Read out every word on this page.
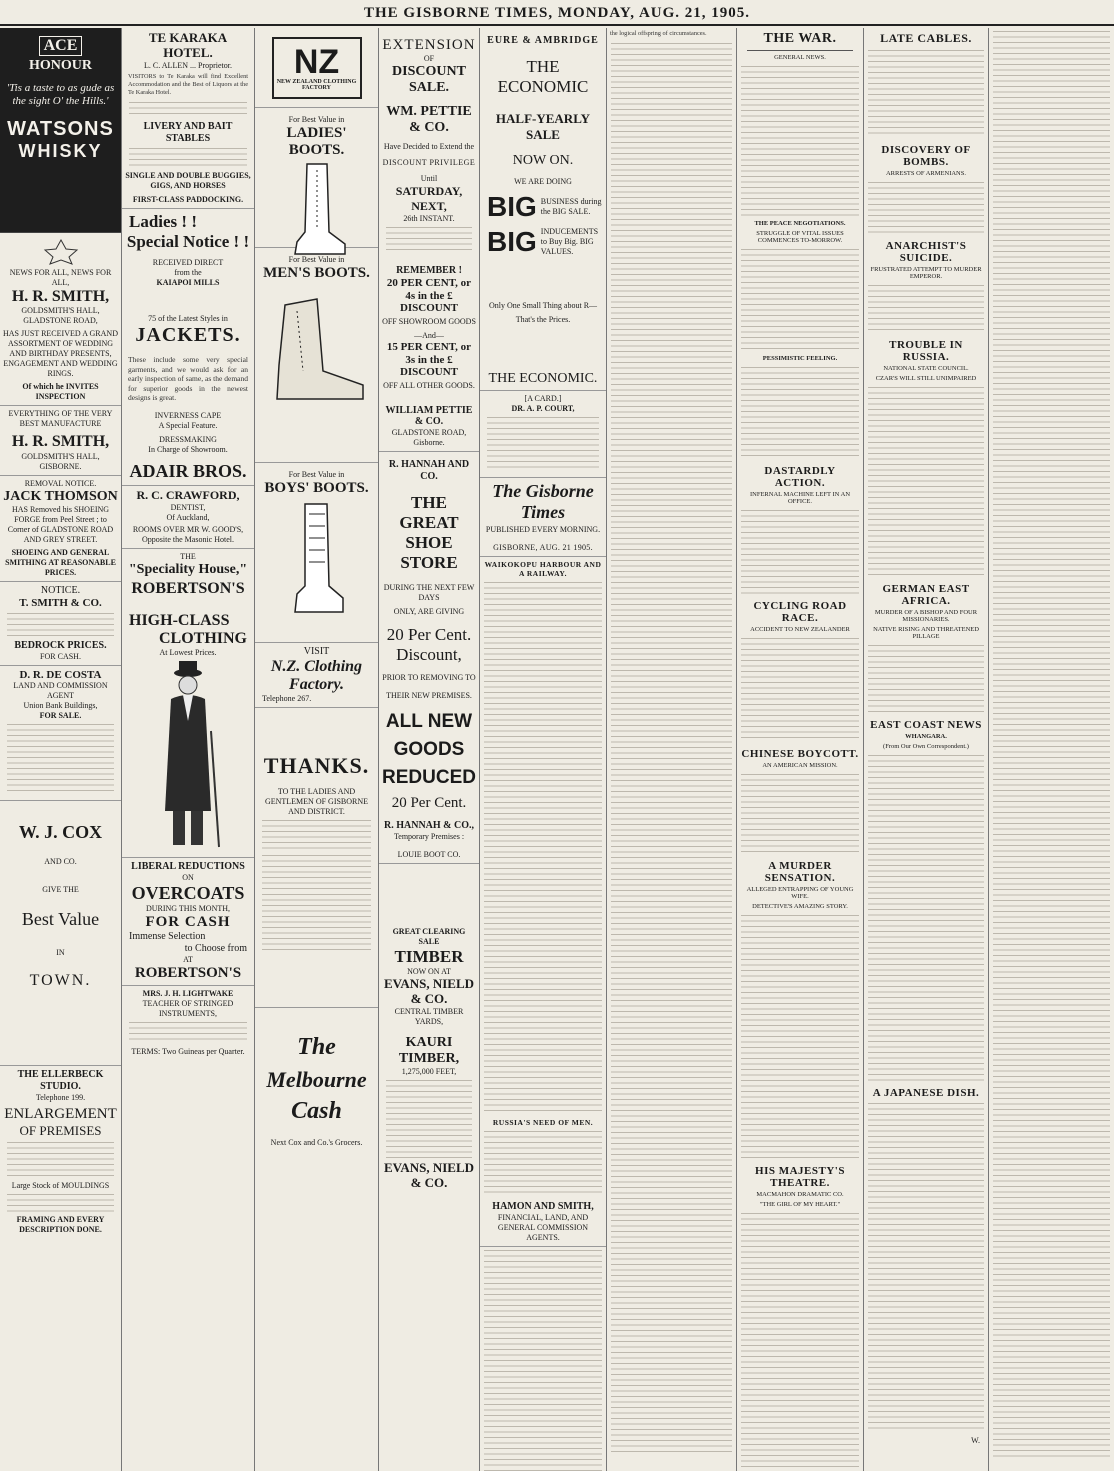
THE GISBORNE TIMES, MONDAY, AUG. 21, 1905.
ACE
HONOUR
'Tis a taste to as gude as the sight O' the Hills.'
WATSONS
WHISKY
NEWS FOR ALL, NEWS FOR ALL,
H. R. SMITH,
GOLDSMITH'S HALL, GLADSTONE ROAD,
HAS JUST RECEIVED A GRAND ASSORTMENT OF WEDDING AND BIRTHDAY PRESENTS, ENGAGEMENT AND WEDDING RINGS.
Of which he INVITES INSPECTION
EVERYTHING OF THE VERY BEST MANUFACTURE
H. R. SMITH,
GOLDSMITH'S HALL, GISBORNE.
REMOVAL NOTICE.
JACK THOMSON
HAS Removed his SHOEING FORGE from Peel Street ; to Corner of GLADSTONE ROAD AND GREY STREET.
SHOEING AND GENERAL SMITHING AT REASONABLE PRICES.
NOTICE.
T. SMITH & CO.
BEDROCK PRICES.
FOR CASH.
D. R. DE COSTA
LAND AND COMMISSION AGENT
Union Bank Buildings,
FOR SALE.
W. J. COX
AND CO.
GIVE THE
Best Value
IN
TOWN.
THE ELLERBECK STUDIO.
Telephone 199.
ENLARGEMENT
OF PREMISES
Large Stock of MOULDINGS
FRAMING AND EVERY DESCRIPTION DONE.
TE KARAKA HOTEL.
L. C. ALLEN ... Proprietor.
VISITORS to Te Karaka will find Excellent Accommodation and the Best of Liquors at the Te Karaka Hotel.
LIVERY AND BAIT STABLES
SINGLE AND DOUBLE BUGGIES, GIGS, AND HORSES
FIRST-CLASS PADDOCKING.
Ladies ! !
Special Notice ! !
RECEIVED DIRECT
from the
KAIAPOI MILLS
75 of the Latest Styles in
JACKETS.
These include some very special garments, and we would ask for an early inspection of same, as the demand for superior goods in the newest designs is great.
INVERNESS CAPE
A Special Feature.
DRESSMAKING
In Charge of Showroom.
ADAIR BROS.
R. C. CRAWFORD,
DENTIST,
Of Auckland,
ROOMS OVER MR W. GOOD'S, Opposite the Masonic Hotel.
THE
"Speciality House,"
ROBERTSON'S
HIGH-CLASS
CLOTHING
At Lowest Prices.
LIBERAL REDUCTIONS
ON
OVERCOATS
DURING THIS MONTH,
FOR CASH
Immense Selection
to Choose from
AT
ROBERTSON'S
MRS. J. H. LIGHTWAKE
TEACHER OF STRINGED INSTRUMENTS,
TERMS: Two Guineas per Quarter.
NZ
NEW ZEALAND CLOTHING FACTORY
For Best Value in
LADIES' BOOTS.
For Best Value in
MEN'S BOOTS.
For Best Value in
BOYS' BOOTS.
VISIT
N.Z. Clothing Factory.
Telephone 267.
THANKS.
TO THE LADIES AND GENTLEMEN OF GISBORNE AND DISTRICT.
The
Melbourne
Cash
Next Cox and Co.'s Grocers.
EXTENSION
OF
DISCOUNT SALE.
WM. PETTIE & CO.
Have Decided to Extend the
DISCOUNT PRIVILEGE
Until
SATURDAY, NEXT,
26th INSTANT.
REMEMBER !
20 PER CENT, or 4s in the £ DISCOUNT
OFF SHOWROOM GOODS
—And—
15 PER CENT, or 3s in the £ DISCOUNT
OFF ALL OTHER GOODS.
WILLIAM PETTIE & CO.
GLADSTONE ROAD,
Gisborne.
R. HANNAH AND CO.
THE GREAT
SHOE STORE
DURING THE NEXT FEW DAYS
ONLY, ARE GIVING
20 Per Cent.
Discount,
PRIOR TO REMOVING TO
THEIR NEW PREMISES.
ALL NEW
GOODS
REDUCED
20 Per Cent.
R. HANNAH & CO.,
Temporary Premises :
LOUIE BOOT CO.
GREAT CLEARING SALE
TIMBER
NOW ON AT
EVANS, NIELD & CO.
CENTRAL TIMBER YARDS,
KAURI TIMBER,
1,275,000 FEET,
EVANS, NIELD & CO.
EURE & AMBRIDGE
THE ECONOMIC
HALF-YEARLY SALE
NOW ON.
WE ARE DOING
BIG BUSINESS during the BIG SALE.
BIG INDUCEMENTS to Buy Big. BIG VALUES.
Only One Small Thing about R—
That's the Prices.
THE ECONOMIC.
[A CARD.]
DR. A. P. COURT,
The Gisborne Times
PUBLISHED EVERY MORNING.
GISBORNE, AUG. 21 1905.
WAIKOKOPU HARBOUR AND A RAILWAY.
RUSSIA'S NEED OF MEN.
HAMON AND SMITH,
FINANCIAL, LAND, AND GENERAL COMMISSION AGENTS.
the logical offspring of circumstances.	THE WAR.
GENERAL NEWS.
THE PEACE NEGOTIATIONS.
STRUGGLE OF VITAL ISSUES COMMENCES TO-MORROW.
PESSIMISTIC FEELING.
DASTARDLY ACTION.
INFERNAL MACHINE LEFT IN AN OFFICE.
CYCLING ROAD RACE.
ACCIDENT TO NEW ZEALANDER
CHINESE BOYCOTT.
AN AMERICAN MISSION.
A MURDER SENSATION.
ALLEGED ENTRAPPING OF YOUNG WIFE.
DETECTIVE'S AMAZING STORY.
HIS MAJESTY'S THEATRE.
MACMAHON DRAMATIC CO.
"THE GIRL OF MY HEART."
LATE CABLES.
DISCOVERY OF BOMBS.
ARRESTS OF ARMENIANS.
ANARCHIST'S SUICIDE.
FRUSTRATED ATTEMPT TO MURDER EMPEROR.
TROUBLE IN RUSSIA.
NATIONAL STATE COUNCIL.
CZAR'S WILL STILL UNIMPAIRED
GERMAN EAST AFRICA.
MURDER OF A BISHOP AND FOUR MISSIONARIES.
NATIVE RISING AND THREATENED PILLAGE
EAST COAST NEWS
WHANGARA.
(From Our Own Correspondent.)
A JAPANESE DISH.
W.
